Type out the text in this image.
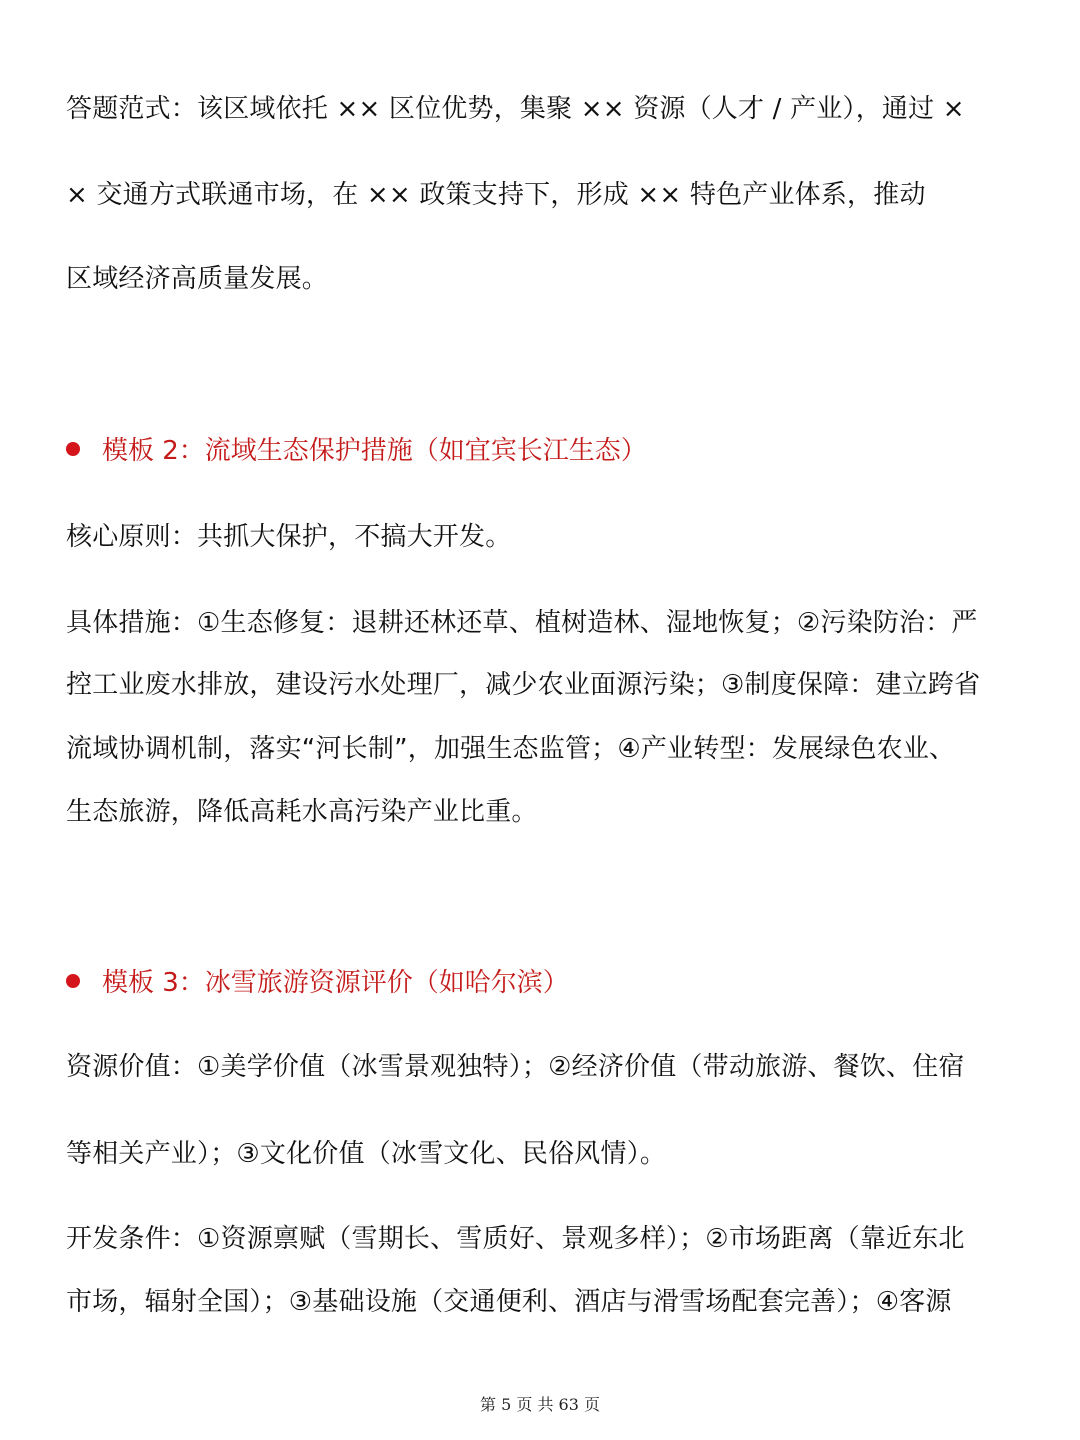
答题范式：该区域依托 ×× 区位优势，集聚 ×× 资源（人才 / 产业），通过 ×
× 交通方式联通市场，在 ×× 政策支持下，形成 ×× 特色产业体系，推动
区域经济高质量发展。
模板 2：流域生态保护措施（如宜宾长江生态）
核心原则：共抓大保护，不搞大开发。
具体措施：①生态修复：退耕还林还草、植树造林、湿地恢复；②污染防治：严
控工业废水排放，建设污水处理厂，减少农业面源污染；③制度保障：建立跨省
流域协调机制，落实“河长制”，加强生态监管；④产业转型：发展绿色农业、
生态旅游，降低高耗水高污染产业比重。
模板 3：冰雪旅游资源评价（如哈尔滨）
资源价值：①美学价值（冰雪景观独特）；②经济价值（带动旅游、餐饮、住宿
等相关产业）；③文化价值（冰雪文化、民俗风情）。
开发条件：①资源禀赋（雪期长、雪质好、景观多样）；②市场距离（靠近东北
市场，辐射全国）；③基础设施（交通便利、酒店与滑雪场配套完善）；④客源
第 5 页 共 63 页
